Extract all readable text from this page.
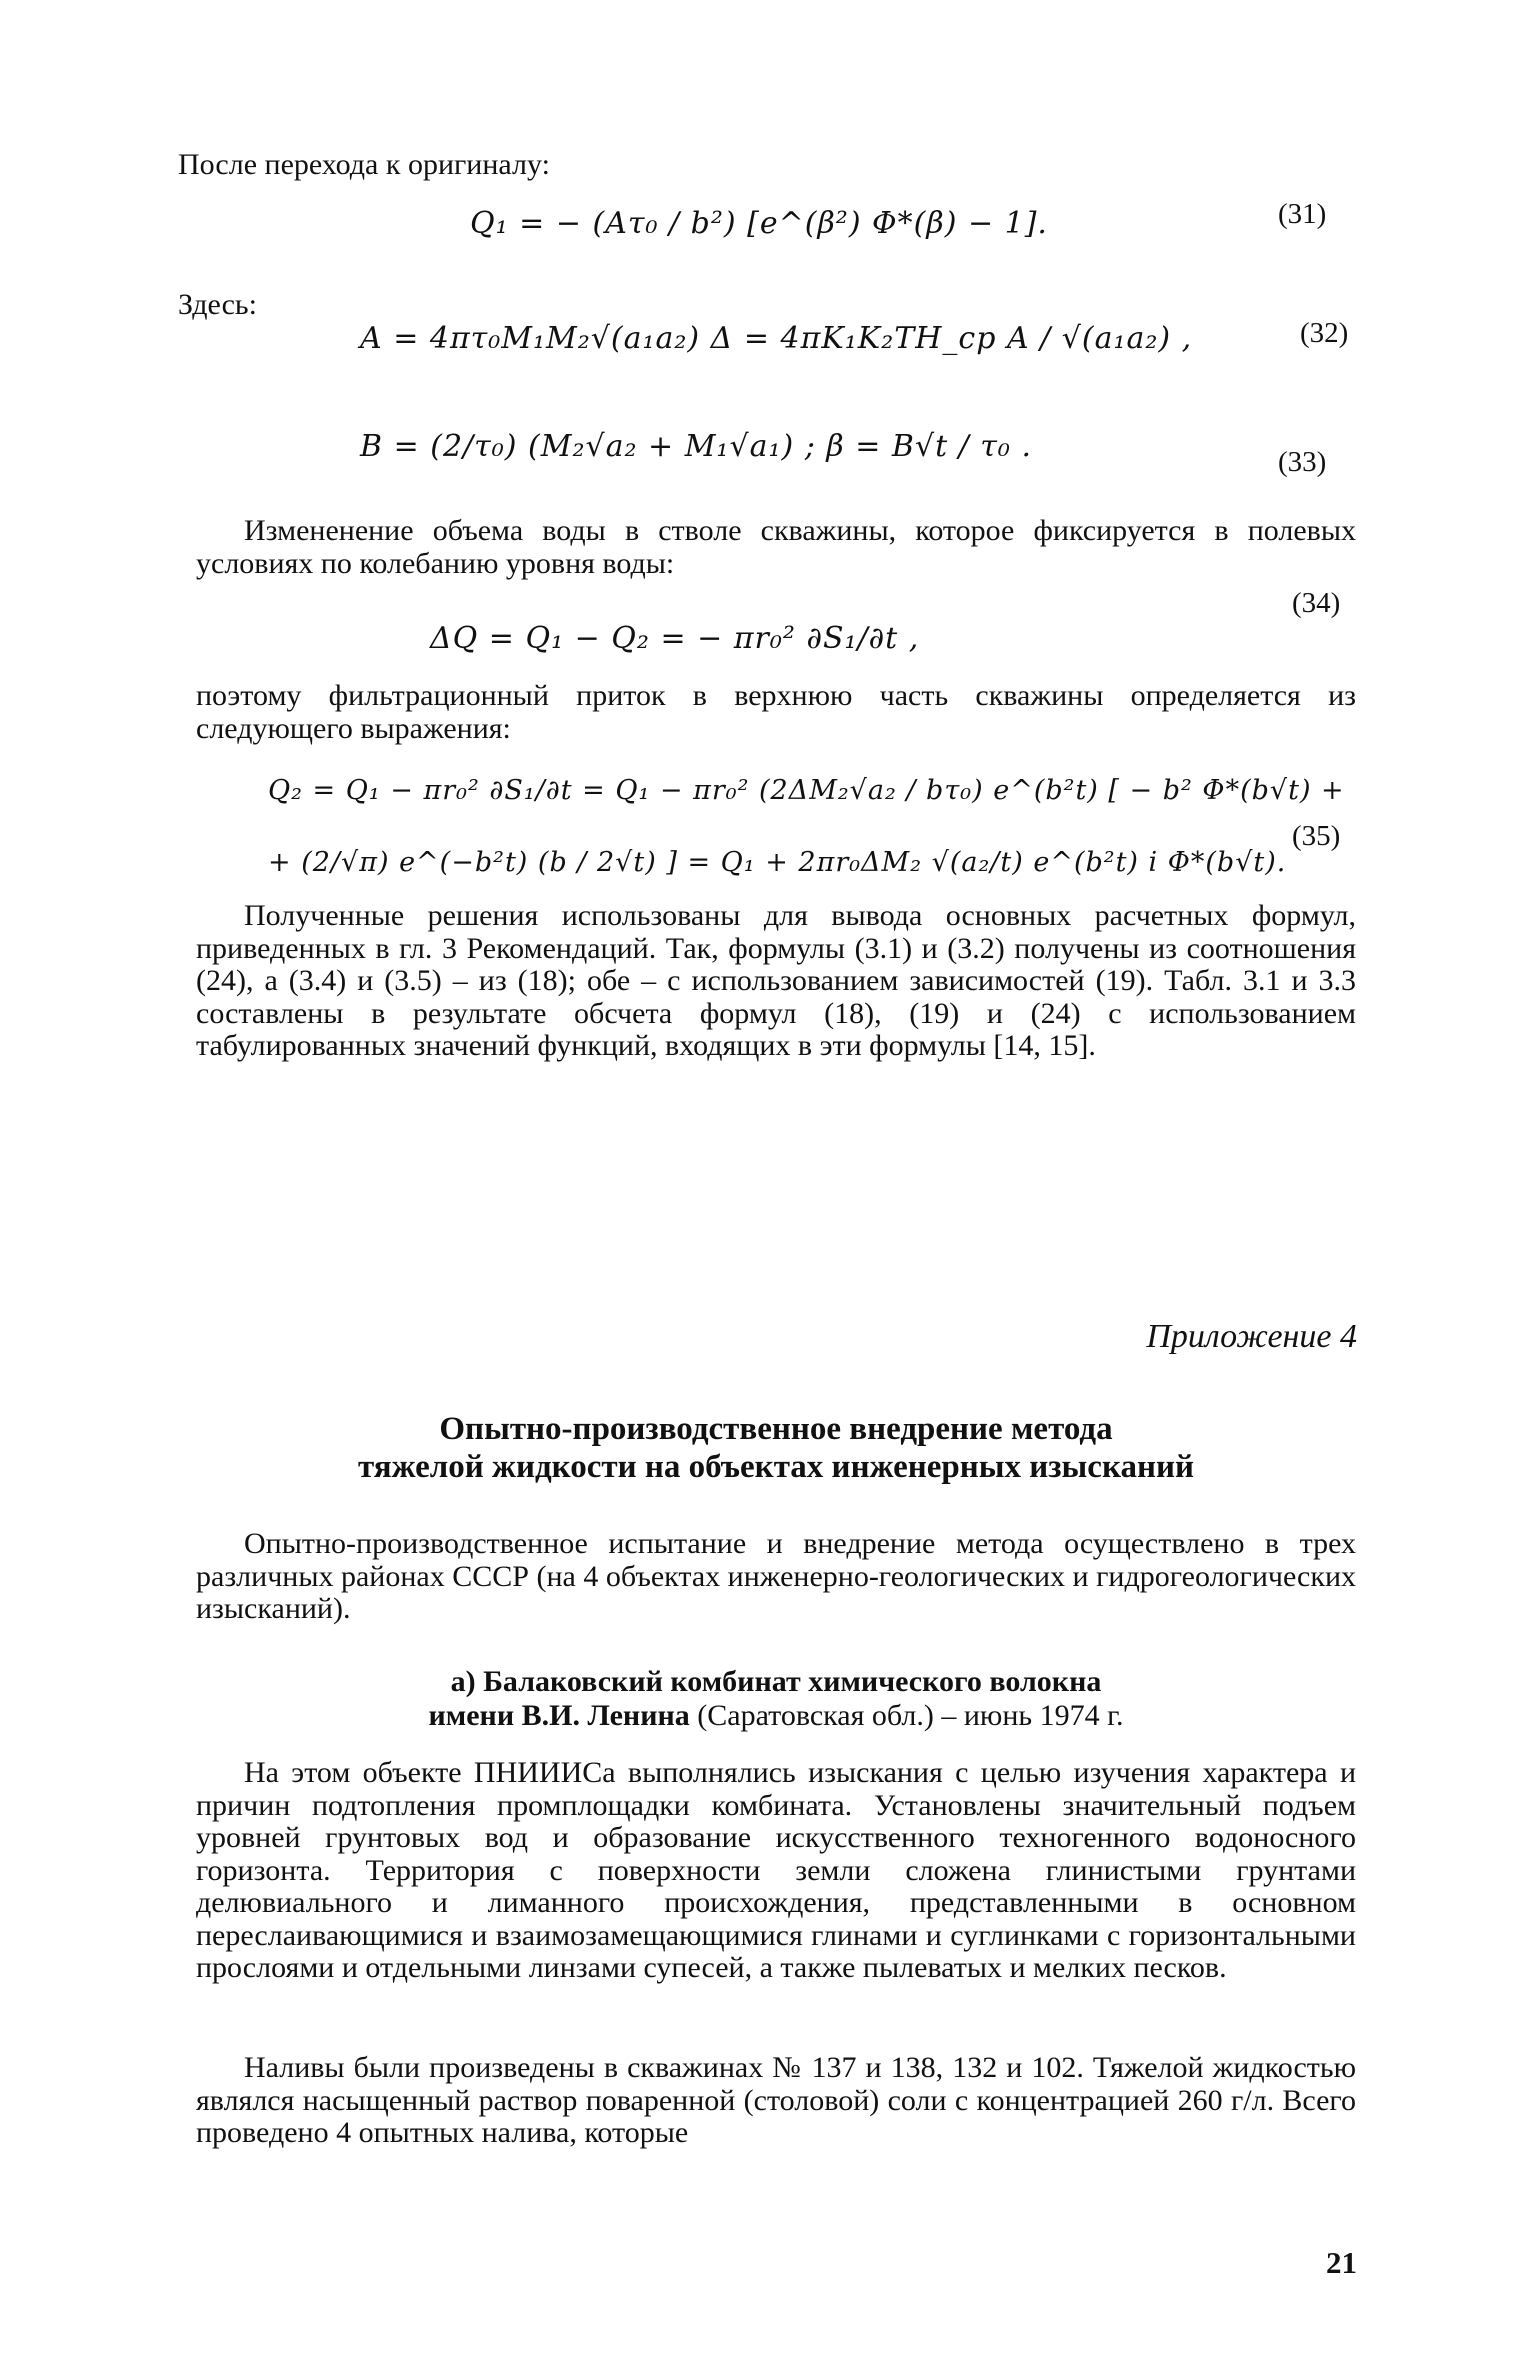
После перехода к оригиналу:
Q₁ = − (Aτ₀ / b²) [e^(β²) Φ*(β) − 1].	(31)
Здесь:
A = 4πτ₀M₁M₂√(a₁a₂) Δ = 4πK₁K₂TH_cp A / √(a₁a₂) ,	(32)
B = (2/τ₀) (M₂√a₂ + M₁√a₁) ; β = B√t / τ₀ .	(33)
Измененение объема воды в стволе скважины, которое фиксируется в полевых условиях по колебанию уровня воды:
ΔQ = Q₁ − Q₂ = − πr₀² ∂S₁/∂t ,
(34)
поэтому фильтрационный приток в верхнюю часть скважины определяется из следующего выражения:
Q₂ = Q₁ − πr₀² ∂S₁/∂t = Q₁ − πr₀² (2ΔM₂√a₂ / bτ₀) e^(b²t) [ − b² Φ*(b√t) +
+ (2/√π) e^(−b²t) (b / 2√t) ] = Q₁ + 2πr₀ΔM₂ √(a₂/t) e^(b²t) i Φ*(b√t).
(35)
Полученные решения использованы для вывода основных расчетных формул, приведенных в гл. 3 Рекомендаций. Так, формулы (3.1) и (3.2) получены из соотношения (24), а (3.4) и (3.5) – из (18); обе – с использованием зависимостей (19). Табл. 3.1 и 3.3 составлены в результате обсчета формул (18), (19) и (24) с использованием табулированных значений функций, входящих в эти формулы [14, 15].
Приложение 4
Опытно-производственное внедрение метода
тяжелой жидкости на объектах инженерных изысканий
Опытно-производственное испытание и внедрение метода осуществлено в трех различных районах СССР (на 4 объектах инженерно-геологических и гидрогеологических изысканий).
а) Балаковский комбинат химического волокна
имени В.И. Ленина (Саратовская обл.) – июнь 1974 г.
На этом объекте ПНИИИСа выполнялись изыскания с целью изучения характера и причин подтопления промплощадки комбината. Установлены значительный подъем уровней грунтовых вод и образование искусственного техногенного водоносного горизонта. Территория с поверхности земли сложена глинистыми грунтами делювиального и лиманного происхождения, представленными в основном переслаивающимися и взаимозамещающимися глинами и суглинками с горизонтальными прослоями и отдельными линзами супесей, а также пылеватых и мелких песков.
Наливы были произведены в скважинах № 137 и 138, 132 и 102. Тяжелой жидкостью являлся насыщенный раствор поваренной (столовой) соли с концентрацией 260 г/л. Всего проведено 4 опытных налива, которые
21
